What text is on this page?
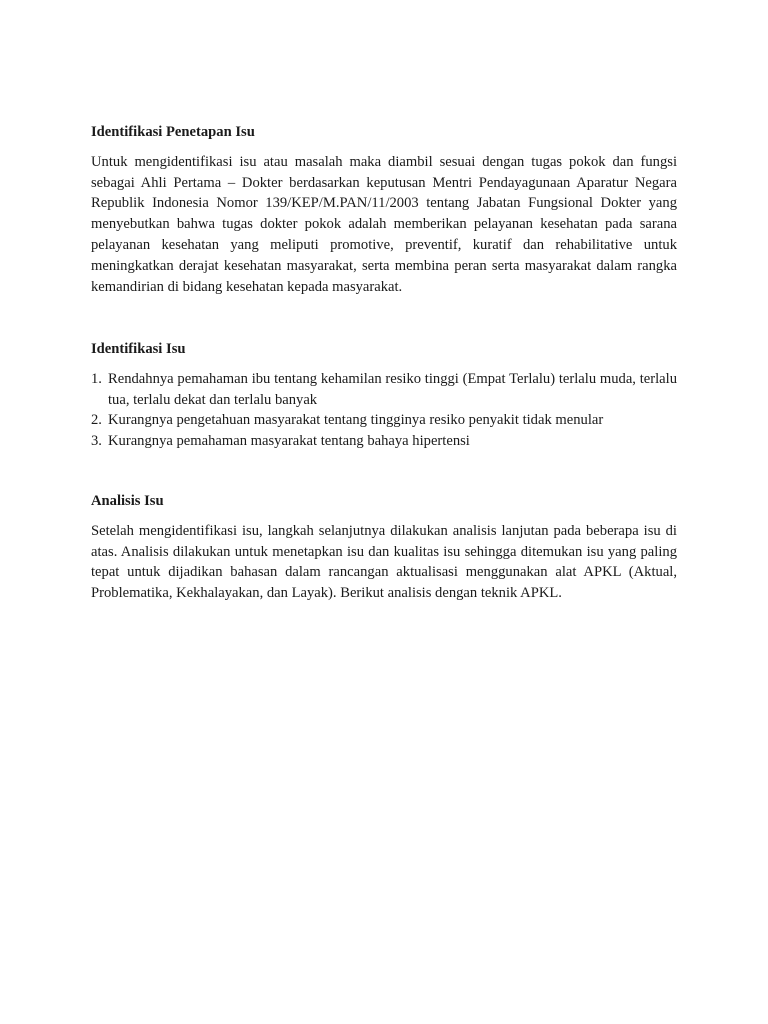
Identifikasi Penetapan Isu

Untuk mengidentifikasi isu atau masalah maka diambil sesuai dengan tugas pokok dan fungsi sebagai Ahli Pertama – Dokter berdasarkan keputusan Mentri Pendayagunaan Aparatur Negara Republik Indonesia Nomor 139/KEP/M.PAN/11/2003 tentang Jabatan Fungsional Dokter yang menyebutkan bahwa tugas dokter pokok adalah memberikan pelayanan kesehatan pada sarana pelayanan kesehatan yang meliputi promotive, preventif, kuratif dan rehabilitative untuk meningkatkan derajat kesehatan masyarakat, serta membina peran serta masyarakat dalam rangka kemandirian di bidang kesehatan kepada masyarakat.

Identifikasi Isu

1. Rendahnya pemahaman ibu tentang kehamilan resiko tinggi (Empat Terlalu) terlalu muda, terlalu tua, terlalu dekat dan terlalu banyak
2. Kurangnya pengetahuan masyarakat tentang tingginya resiko penyakit tidak menular
3. Kurangnya pemahaman masyarakat tentang bahaya hipertensi

Analisis Isu

Setelah mengidentifikasi isu, langkah selanjutnya dilakukan analisis lanjutan pada beberapa isu di atas. Analisis dilakukan untuk menetapkan isu dan kualitas isu sehingga ditemukan isu yang paling tepat untuk dijadikan bahasan dalam rancangan aktualisasi menggunakan alat APKL (Aktual, Problematika, Kekhalayakan, dan Layak). Berikut analisis dengan teknik APKL.
